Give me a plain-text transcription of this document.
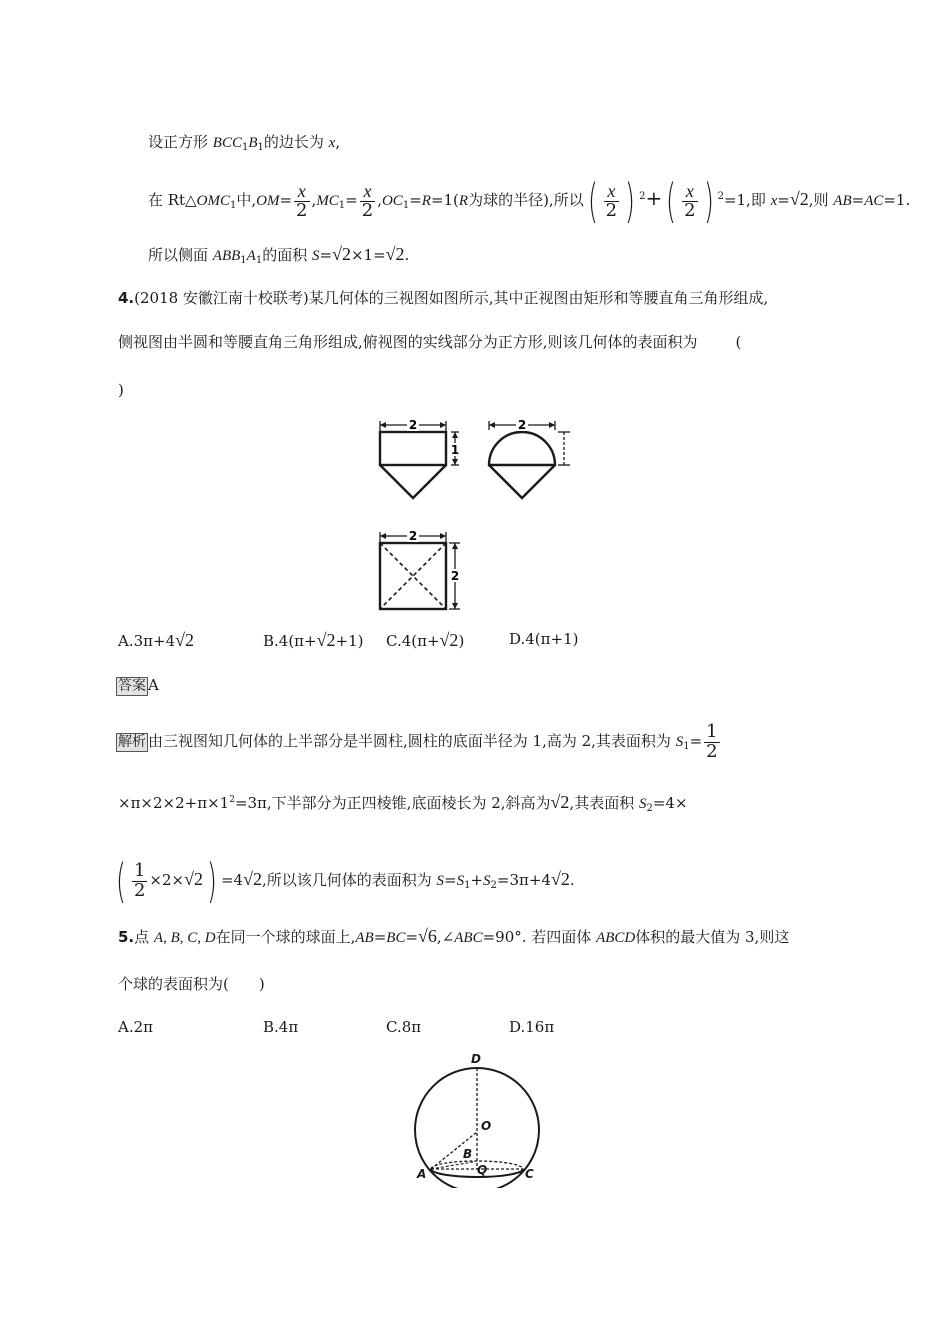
设正方形 $BCC_1B_1$的边长为 x,
在 $Rt\triangle OMC_1$中$,OM= \frac{x}{2} ,MC_1= \frac{x}{2} ,OC_1=R=1(R$为球的半径),所以( $\frac{x}{2}$ ) $^2+( \frac{x}{2}$ ) $^2$=1,即 x=√2,则 AB=AC=1.
所以侧面 $ABB_1A_1$的面积 S=√2×1=√2.
4.(2018 安徽江南十校联考)某几何体的三视图如图所示,其中正视图由矩形和等腰直角三角形组成,
侧视图由半圆和等腰直角三角形组成,俯视图的实线部分为正方形,则该几何体的表面积为	(
)
2
1
2
2
2
A.3π+4√2	B.4(π+√2+1) C.4(π+√2)	D.4(π+1)
答案 A
解析 由三视图知几何体的上半部分是半圆柱,圆柱的底面半径为 1,高为 2,其表面积为 $S_1= \frac{1}{2}$
$\times\pi\times 2\times 2+\pi\times 1^2=3\pi$,下半部分为正四棱锥,底面棱长为 2,斜高为√2,其表面积 $S_2=4\times$
( $\frac{1}{2} \times 2\times√2) =4√2$,所以该几何体的表面积为 $S=S_1+S_2=3\pi+4√2$.
5.点 A, B, C, D在同一个球的球面上,AB=BC=√6,∠ABC=90°. 若四面体 ABCD体积的最大值为 3,则这
个球的表面积为(　　)
A.2π	B.4π	C.8π	D.16π
D
O
B
Q
A	C
